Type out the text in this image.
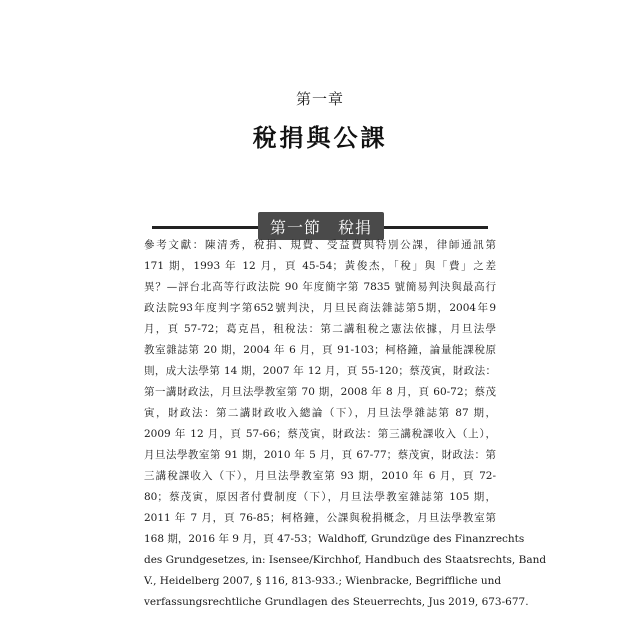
第一章
稅捐與公課
第一節　稅捐
參考文獻：陳清秀，稅捐、規費、受益費與特別公課，律師通訊第
171 期，1993 年 12 月，頁 45-54；黃俊杰，「稅」與「費」之差
異？—評台北高等行政法院 90 年度簡字第 7835 號簡易判決與最高行
政法院93年度判字第652號判決，月旦民商法雜誌第5期，2004年9
月，頁 57-72；葛克昌，租稅法：第二講租稅之憲法依據，月旦法學
教室雜誌第 20 期，2004 年 6 月，頁 91-103；柯格鐘，論量能課稅原
則，成大法學第 14 期，2007 年 12 月，頁 55-120；蔡茂寅，財政法：
第一講財政法，月旦法學教室第 70 期，2008 年 8 月，頁 60-72；蔡茂
寅，財政法：第二講財政收入總論（下），月旦法學雜誌第 87 期，
2009 年 12 月，頁 57-66；蔡茂寅，財政法：第三講稅課收入（上），
月旦法學教室第 91 期，2010 年 5 月，頁 67-77；蔡茂寅，財政法：第
三講稅課收入（下），月旦法學教室第 93 期，2010 年 6 月，頁 72-
80；蔡茂寅，原因者付費制度（下），月旦法學教室雜誌第 105 期，
2011 年 7 月，頁 76-85；柯格鐘，公課與稅捐概念，月旦法學教室第
168 期，2016 年 9 月，頁 47-53；Waldhoff, Grundzüge des Finanzrechts
des Grundgesetzes, in: Isensee/Kirchhof, Handbuch des Staatsrechts, Band
V., Heidelberg 2007, § 116, 813-933.; Wienbracke, Begriffliche und
verfassungsrechtliche Grundlagen des Steuerrechts, Jus 2019, 673-677.
